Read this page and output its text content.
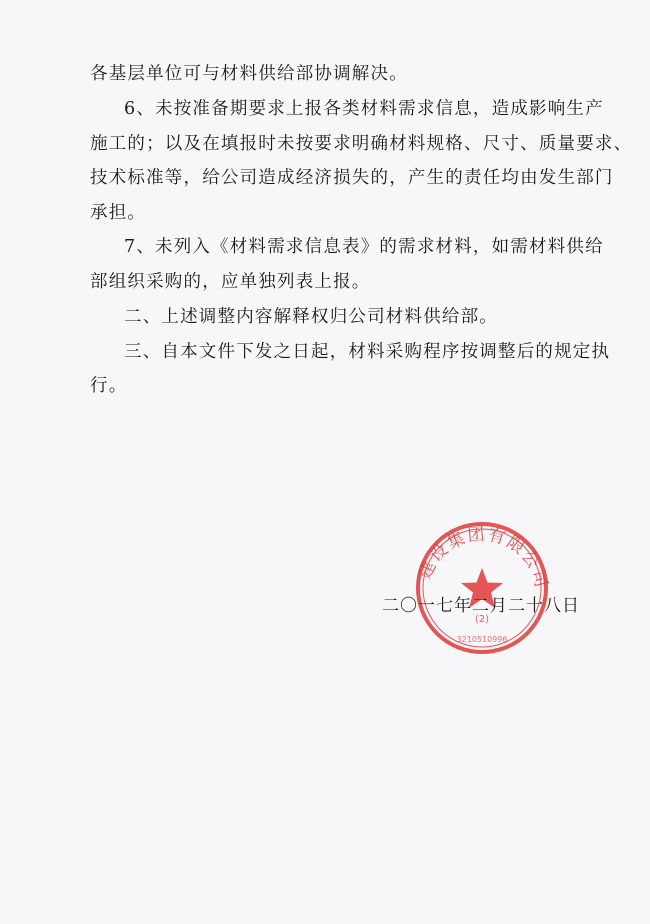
各基层单位可与材料供给部协调解决。
6、未按准备期要求上报各类材料需求信息，造成影响生产
施工的；以及在填报时未按要求明确材料规格、尺寸、质量要求、
技术标准等，给公司造成经济损失的，产生的责任均由发生部门
承担。
7、未列入《材料需求信息表》的需求材料，如需材料供给
部组织采购的，应单独列表上报。
二、上述调整内容解释权归公司材料供给部。
三、自本文件下发之日起，材料采购程序按调整后的规定执
行。
建设集团有限公司
(2)
3210510996
二〇一七年二月二十八日
